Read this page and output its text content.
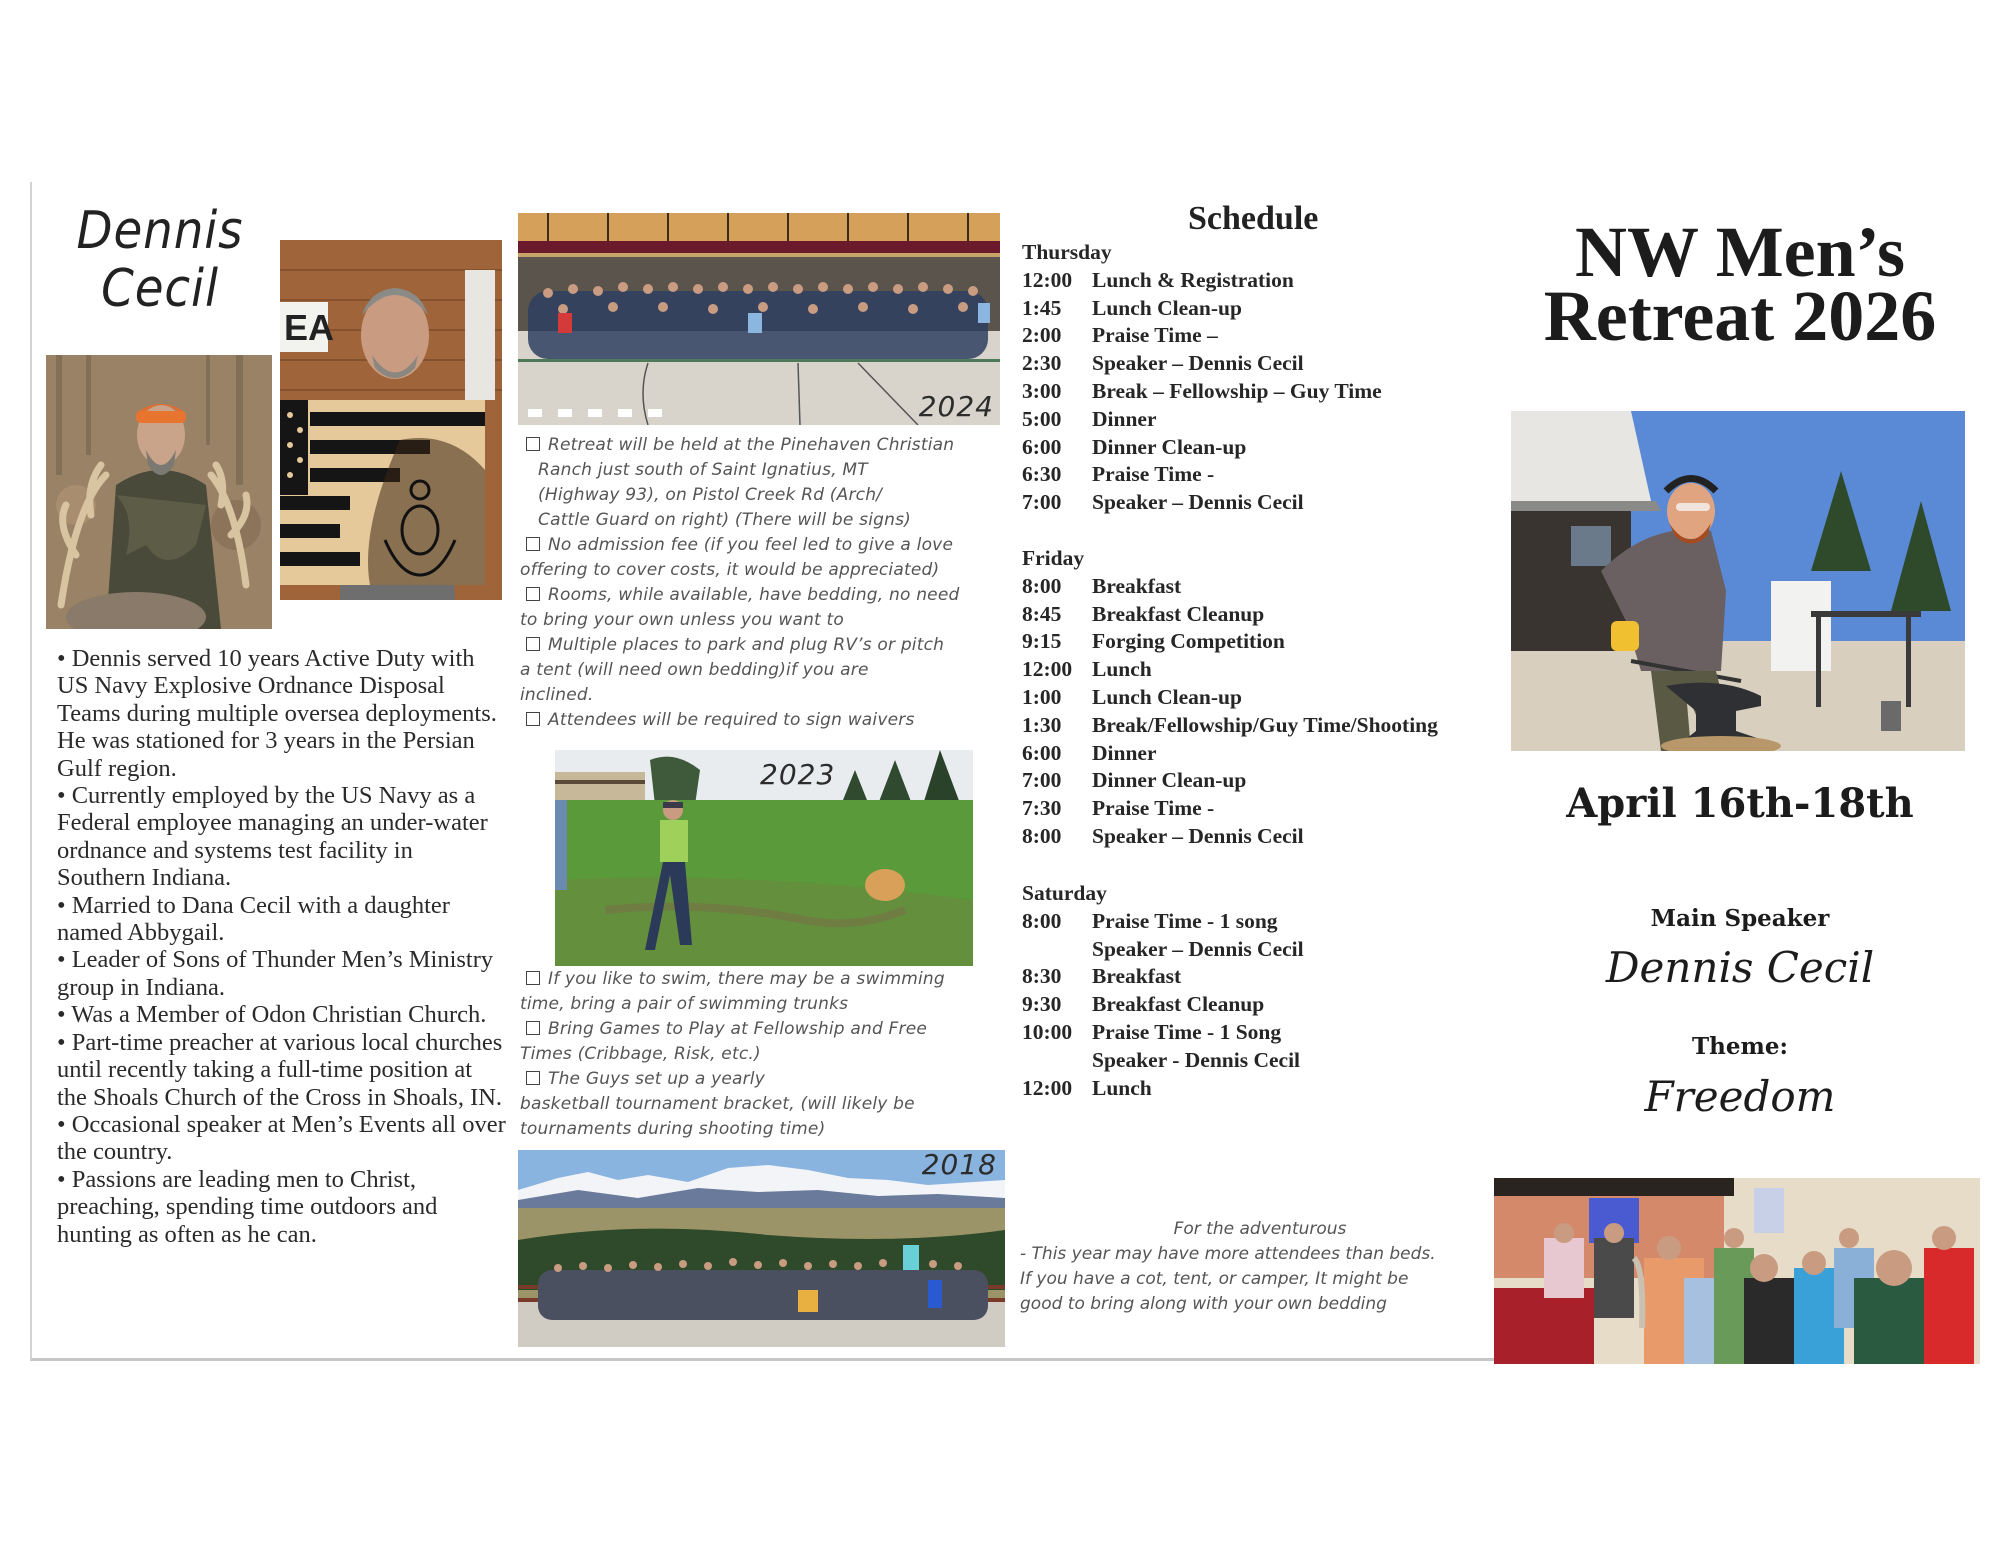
Dennis
Cecil
EA

• Dennis served 10 years Active Duty with US Navy Explosive Ordnance Disposal Teams during multiple oversea deployments. He was stationed for 3 years in the Persian Gulf region.

• Currently employed by the US Navy as a Federal employee managing an under-water ordnance and systems test facility in Southern Indiana.

• Married to Dana Cecil with a daughter named Abbygail.

• Leader of Sons of Thunder Men’s Ministry group in Indiana.

• Was a Member of Odon Christian Church.

• Part-time preacher at various local churches until recently taking a full-time position at the Shoals Church of the Cross in Shoals, IN.

• Occasional speaker at Men’s Events all over the country.

• Passions are leading men to Christ, preaching, spending time outdoors and hunting as often as he can.

2024
Retreat will be held at the Pinehaven Christian
Ranch just south of Saint Ignatius, MT
(Highway 93), on Pistol Creek Rd (Arch/
Cattle Guard on right) (There will be signs)
No admission fee (if you feel led to give a love
offering to cover costs, it would be appreciated)
Rooms, while available, have bedding, no need
to bring your own unless you want to
Multiple places to park and plug RV’s or pitch
a tent (will need own bedding)if you are
inclined.
Attendees will be required to sign waivers
2023
If you like to swim, there may be a swimming
time, bring a pair of swimming trunks
Bring Games to Play at Fellowship and Free
Times (Cribbage, Risk, etc.)
The Guys set up a yearly
basketball tournament bracket, (will likely be
tournaments during shooting time)
2018
Schedule
Thursday
12:00 Lunch & Registration
1:45	Lunch Clean-up
2:00	Praise Time –
2:30	Speaker – Dennis Cecil
3:00	Break – Fellowship – Guy Time
5:00	Dinner
6:00	Dinner Clean-up
6:30	Praise Time -
7:00	Speaker – Dennis Cecil
Friday
8:00	Breakfast
8:45	Breakfast Cleanup
9:15	Forging Competition
12:00 Lunch
1:00	Lunch Clean-up
1:30	Break/Fellowship/Guy Time/Shooting
6:00	Dinner
7:00	Dinner Clean-up
7:30	Praise Time -
8:00	Speaker – Dennis Cecil
Saturday
8:00	Praise Time - 1 song
Speaker – Dennis Cecil
8:30	Breakfast
9:30	Breakfast Cleanup
10:00 Praise Time - 1 Song
Speaker - Dennis Cecil
12:00 Lunch
For the adventurous
- This year may have more attendees than beds.
If you have a cot, tent, or camper, It might be
good to bring along with your own bedding
NW Men’s
Retreat 2026
April 16th-18th
Main Speaker
Dennis Cecil
Theme:
Freedom
